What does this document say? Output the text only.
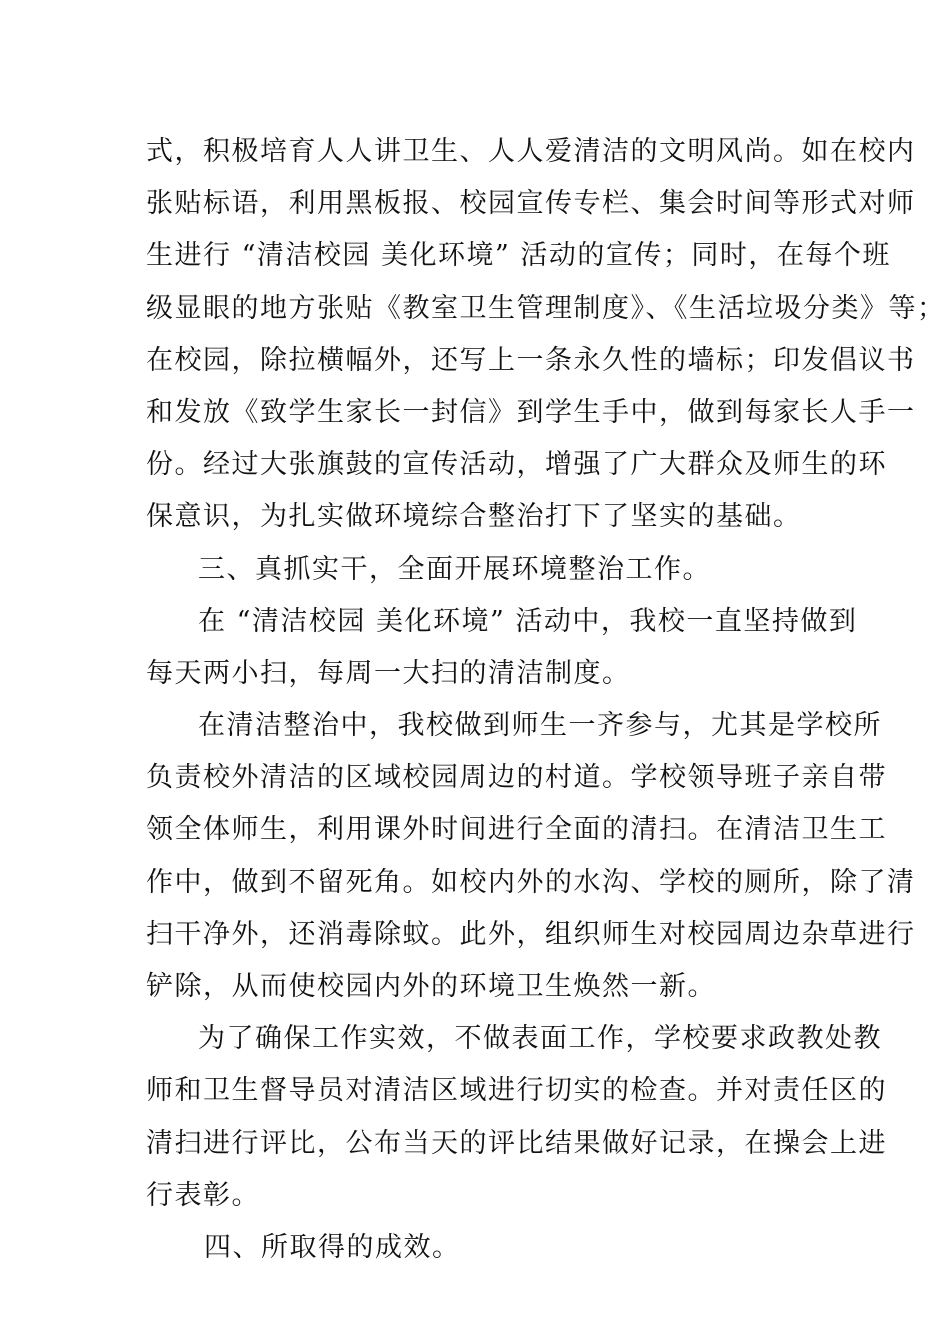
式，积极培育人人讲卫生、人人爱清洁的文明风尚。如在校内
张贴标语，利用黑板报、校园宣传专栏、集会时间等形式对师
生进行 “清洁校园 美化环境” 活动的宣传；同时，在每个班
级显眼的地方张贴《教室卫生管理制度》、《生活垃圾分类》等；
在校园，除拉横幅外，还写上一条永久性的墙标；印发倡议书
和发放《致学生家长一封信》到学生手中，做到每家长人手一
份。经过大张旗鼓的宣传活动，增强了广大群众及师生的环
保意识，为扎实做环境综合整治打下了坚实的基础。
三、真抓实干，全面开展环境整治工作。
在 “清洁校园 美化环境” 活动中，我校一直坚持做到
每天两小扫，每周一大扫的清洁制度。
在清洁整治中，我校做到师生一齐参与，尤其是学校所
负责校外清洁的区域校园周边的村道。学校领导班子亲自带
领全体师生，利用课外时间进行全面的清扫。在清洁卫生工
作中，做到不留死角。如校内外的水沟、学校的厕所，除了清
扫干净外，还消毒除蚊。此外，组织师生对校园周边杂草进行
铲除，从而使校园内外的环境卫生焕然一新。
为了确保工作实效，不做表面工作，学校要求政教处教
师和卫生督导员对清洁区域进行切实的检查。并对责任区的
清扫进行评比，公布当天的评比结果做好记录，在操会上进
行表彰。
四、所取得的成效。
